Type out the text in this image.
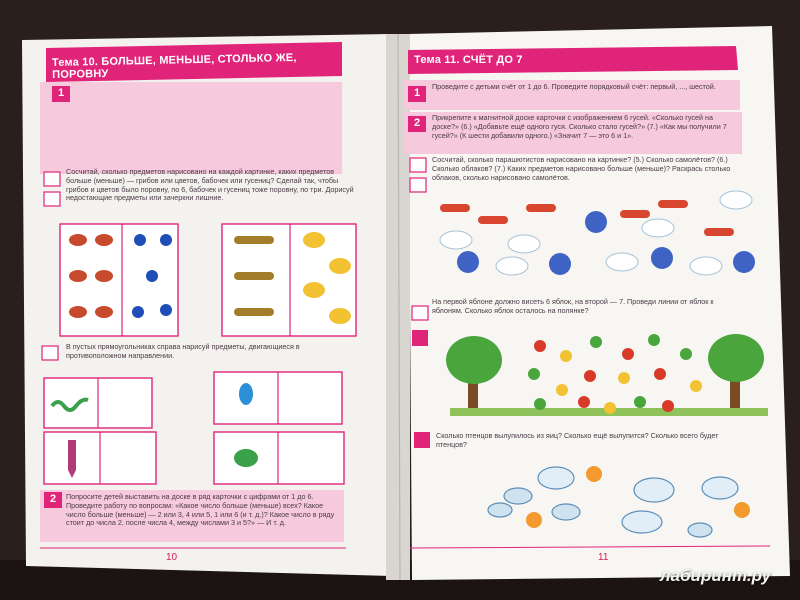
Тема 10. БОЛЬШЕ, МЕНЬШЕ, СТОЛЬКО ЖЕ, ПОРОВНУ
1
Сосчитай, сколько предметов нарисовано на каждой картинке, каких предметов больше (меньше) — грибов или цветов, бабочек или гусениц? Сделай так, чтобы грибов и цветов было поровну, по 6, бабочек и гусениц тоже поровну, по три. Дорисуй недостающие предметы или зачеркни лишние.
В пустых прямоугольниках справа нарисуй предметы, двигающиеся в противоположном направлении.
2	Попросите детей выставить на доске в ряд карточки с цифрами от 1 до 6. Проведите работу по вопросам: «Какое число больше (меньше) всех? Какое число больше (меньше) — 2 или 3, 4 или 5, 1 или 6 (и т. д.)? Какое число в ряду стоит до числа 2, после числа 4, между числами 3 и 5?» — И т. д.
10
Тема 11. СЧЁТ ДО 7
1
Проведите с детьми счёт от 1 до 6. Проведите порядковый счёт: первый, ..., шестой.
2	Прикрепите к магнитной доске карточки с изображением 6 гусей. «Сколько гусей на доске?» (6.) «Добавьте ещё одного гуся. Сколько стало гусей?» (7.) «Как мы получили 7 гусей?» (К шести добавили одного.) «Значит 7 — это 6 и 1».
Сосчитай, сколько парашютистов нарисовано на картинке? (5.) Сколько самолётов? (6.) Сколько облаков? (7.) Каких предметов нарисовано больше (меньше)? Раскрась столько облаков, сколько нарисовано самолётов.
На первой яблоне должно висеть 6 яблок, на второй — 7. Проведи линии от яблок к яблоням. Сколько яблок осталось на полянке?
Сколько птенцов вылупилось из яиц? Сколько ещё вылупится? Сколько всего будет птенцов?
11
лабиринт.ру
